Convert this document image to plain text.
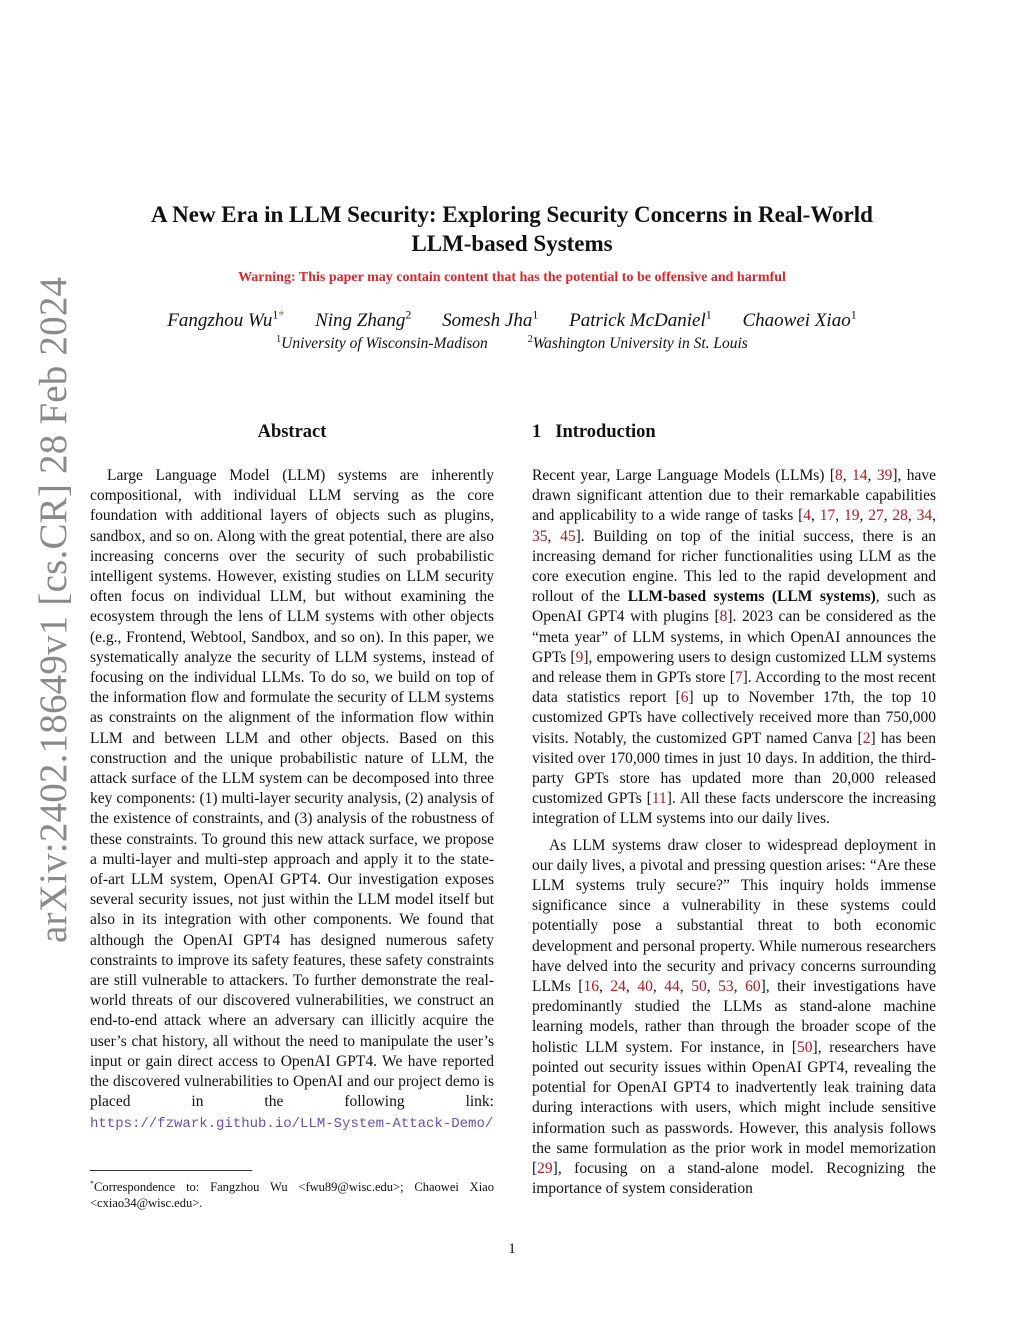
arXiv:2402.18649v1 [cs.CR] 28 Feb 2024
A New Era in LLM Security: Exploring Security Concerns in Real-World
LLM-based Systems
Warning: This paper may contain content that has the potential to be offensive and harmful
Fangzhou $Wu^{1*}$ Ning Zhang$^2$ Somesh Jha$^1$ Patrick McDaniel$^1$ Chaowei Xiao$^1$
$^1$University of Wisconsin-Madison	$^2$Washington University in St. Louis
Abstract

Large Language Model (LLM) systems are inherently compositional, with individual LLM serving as the core foundation with additional layers of objects such as plugins, sandbox, and so on. Along with the great potential, there are also increasing concerns over the security of such probabilistic intelligent systems. However, existing studies on LLM security often focus on individual LLM, but without examining the ecosystem through the lens of LLM systems with other objects (e.g., Frontend, Webtool, Sandbox, and so on). In this paper, we systematically analyze the security of LLM systems, instead of focusing on the individual LLMs. To do so, we build on top of the information flow and formulate the security of LLM systems as constraints on the alignment of the information flow within LLM and between LLM and other objects. Based on this construction and the unique probabilistic nature of LLM, the attack surface of the LLM system can be decomposed into three key components: (1) multi-layer security analysis, (2) analysis of the existence of constraints, and (3) analysis of the robustness of these constraints. To ground this new attack surface, we propose a multi-layer and multi-step approach and apply it to the state-of-art LLM system, OpenAI GPT4. Our investigation exposes several security issues, not just within the LLM model itself but also in its integration with other components. We found that although the OpenAI GPT4 has designed numerous safety constraints to improve its safety features, these safety constraints are still vulnerable to attackers. To further demonstrate the real-world threats of our discovered vulnerabilities, we construct an end-to-end attack where an adversary can illicitly acquire the user’s chat history, all without the need to manipulate the user’s input or gain direct access to OpenAI GPT4. We have reported the discovered vulnerabilities to OpenAI and our project demo is placed in the following link: https://fzwark.github.io/LLM-System-Attack-Demo/

*Correspondence to: Fangzhou Wu <fwu89@wisc.edu>; Chaowei Xiao <cxiao34@wisc.edu>.
1 Introduction

Recent year, Large Language Models (LLMs) [8, 14, 39], have drawn significant attention due to their remarkable capabilities and applicability to a wide range of tasks [4, 17, 19, 27, 28, 34, 35, 45]. Building on top of the initial success, there is an increasing demand for richer functionalities using LLM as the core execution engine. This led to the rapid development and rollout of the LLM-based systems (LLM systems), such as OpenAI GPT4 with plugins [8]. 2023 can be considered as the “meta year” of LLM systems, in which OpenAI announces the GPTs [9], empowering users to design customized LLM systems and release them in GPTs store [7]. According to the most recent data statistics report [6] up to November 17th, the top 10 customized GPTs have collectively received more than 750,000 visits. Notably, the customized GPT named Canva [2] has been visited over 170,000 times in just 10 days. In addition, the third-party GPTs store has updated more than 20,000 released customized GPTs [11]. All these facts underscore the increasing integration of LLM systems into our daily lives.

As LLM systems draw closer to widespread deployment in our daily lives, a pivotal and pressing question arises: “Are these LLM systems truly secure?” This inquiry holds immense significance since a vulnerability in these systems could potentially pose a substantial threat to both economic development and personal property. While numerous researchers have delved into the security and privacy concerns surrounding LLMs [16, 24, 40, 44, 50, 53, 60], their investigations have predominantly studied the LLMs as stand-alone machine learning models, rather than through the broader scope of the holistic LLM system. For instance, in [50], researchers have pointed out security issues within OpenAI GPT4, revealing the potential for OpenAI GPT4 to inadvertently leak training data during interactions with users, which might include sensitive information such as passwords. However, this analysis follows the same formulation as the prior work in model memorization [29], focusing on a stand-alone model. Recognizing the importance of system consideration

1
